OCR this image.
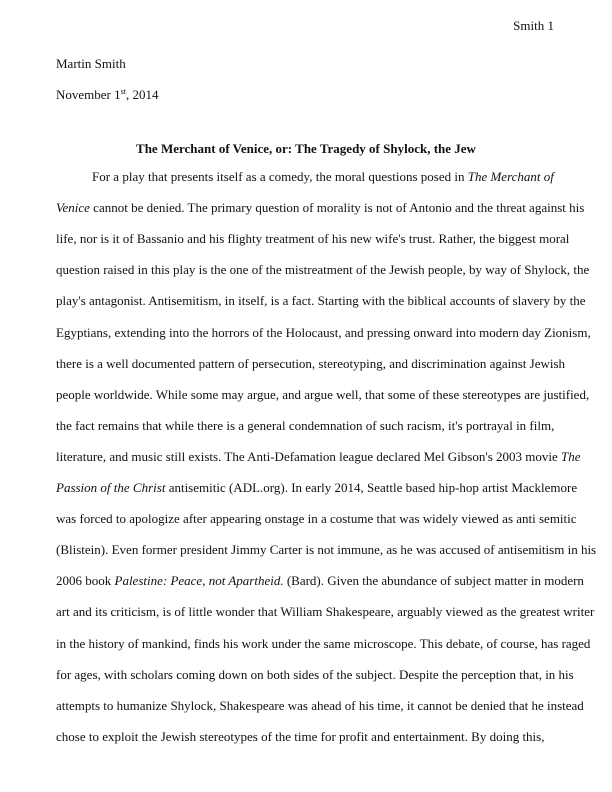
Smith 1
Martin Smith
November 1st, 2014
The Merchant of Venice, or: The Tragedy of Shylock, the Jew
For a play that presents itself as a comedy, the moral questions posed in The Merchant of
Venice cannot be denied. The primary question of morality is not of Antonio and the threat against his
life, nor is it of Bassanio and his flighty treatment of his new wife's trust. Rather, the biggest moral
question raised in this play is the one of the mistreatment of the Jewish people, by way of Shylock, the
play's antagonist. Antisemitism, in itself, is a fact. Starting with the biblical accounts of slavery by the
Egyptians, extending into the horrors of the Holocaust, and pressing onward into modern day Zionism,
there is a well documented pattern of persecution, stereotyping, and discrimination against Jewish
people worldwide. While some may argue, and argue well, that some of these stereotypes are justified,
the fact remains that while there is a general condemnation of such racism, it's portrayal in film,
literature, and music still exists. The Anti-Defamation league declared Mel Gibson's 2003 movie The
Passion of the Christ antisemitic (ADL.org). In early 2014, Seattle based hip-hop artist Macklemore
was forced to apologize after appearing onstage in a costume that was widely viewed as anti semitic
(Blistein). Even former president Jimmy Carter is not immune, as he was accused of antisemitism in his
2006 book Palestine: Peace, not Apartheid. (Bard). Given the abundance of subject matter in modern
art and its criticism, is of little wonder that William Shakespeare, arguably viewed as the greatest writer
in the history of mankind, finds his work under the same microscope. This debate, of course, has raged
for ages, with scholars coming down on both sides of the subject. Despite the perception that, in his
attempts to humanize Shylock, Shakespeare was ahead of his time, it cannot be denied that he instead
chose to exploit the Jewish stereotypes of the time for profit and entertainment. By doing this,
